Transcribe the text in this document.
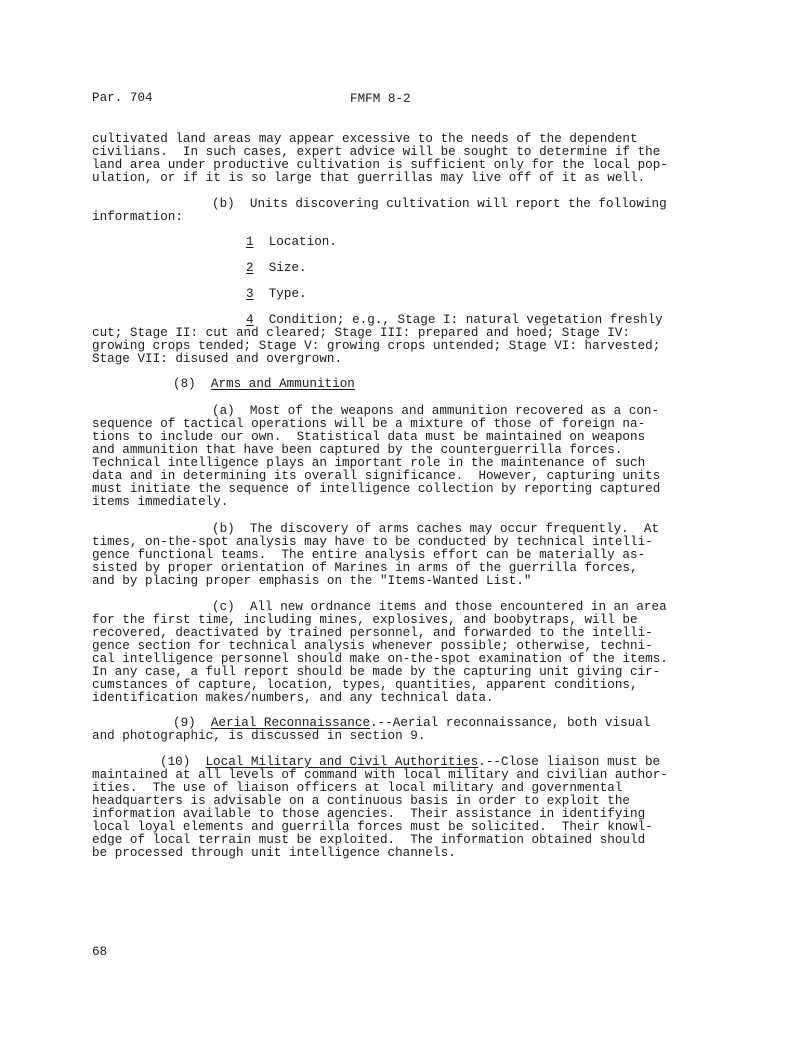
Par. 704	FMFM 8-2
cultivated land areas may appear excessive to the needs of the dependent
civilians.  In such cases, expert advice will be sought to determine if the
land area under productive cultivation is sufficient only for the local pop-
ulation, or if it is so large that guerrillas may live off of it as well.
(b)  Units discovering cultivation will report the following
information:
1 Location.
2 Size.
3 Type.
4 Condition; e.g., Stage I: natural vegetation freshly
cut; Stage II: cut and cleared; Stage III: prepared and hoed; Stage IV:
growing crops tended; Stage V: growing crops untended; Stage VI: harvested;
Stage VII: disused and overgrown.
(8) Arms and Ammunition
(a)  Most of the weapons and ammunition recovered as a con-
sequence of tactical operations will be a mixture of those of foreign na-
tions to include our own.  Statistical data must be maintained on weapons
and ammunition that have been captured by the counterguerrilla forces.
Technical intelligence plays an important role in the maintenance of such
data and in determining its overall significance.  However, capturing units
must initiate the sequence of intelligence collection by reporting captured
items immediately.
(b)  The discovery of arms caches may occur frequently.  At
times, on-the-spot analysis may have to be conducted by technical intelli-
gence functional teams.  The entire analysis effort can be materially as-
sisted by proper orientation of Marines in arms of the guerrilla forces,
and by placing proper emphasis on the "Items-Wanted List."
(c)  All new ordnance items and those encountered in an area
for the first time, including mines, explosives, and boobytraps, will be
recovered, deactivated by trained personnel, and forwarded to the intelli-
gence section for technical analysis whenever possible; otherwise, techni-
cal intelligence personnel should make on-the-spot examination of the items.
In any case, a full report should be made by the capturing unit giving cir-
cumstances of capture, location, types, quantities, apparent conditions,
identification makes/numbers, and any technical data.
(9) Aerial Reconnaissance.--Aerial reconnaissance, both visual
and photographic, is discussed in section 9.
(10) Local Military and Civil Authorities.--Close liaison must be
maintained at all levels of command with local military and civilian author-
ities.  The use of liaison officers at local military and governmental
headquarters is advisable on a continuous basis in order to exploit the
information available to those agencies.  Their assistance in identifying
local loyal elements and guerrilla forces must be solicited.  Their knowl-
edge of local terrain must be exploited.  The information obtained should
be processed through unit intelligence channels.
68
